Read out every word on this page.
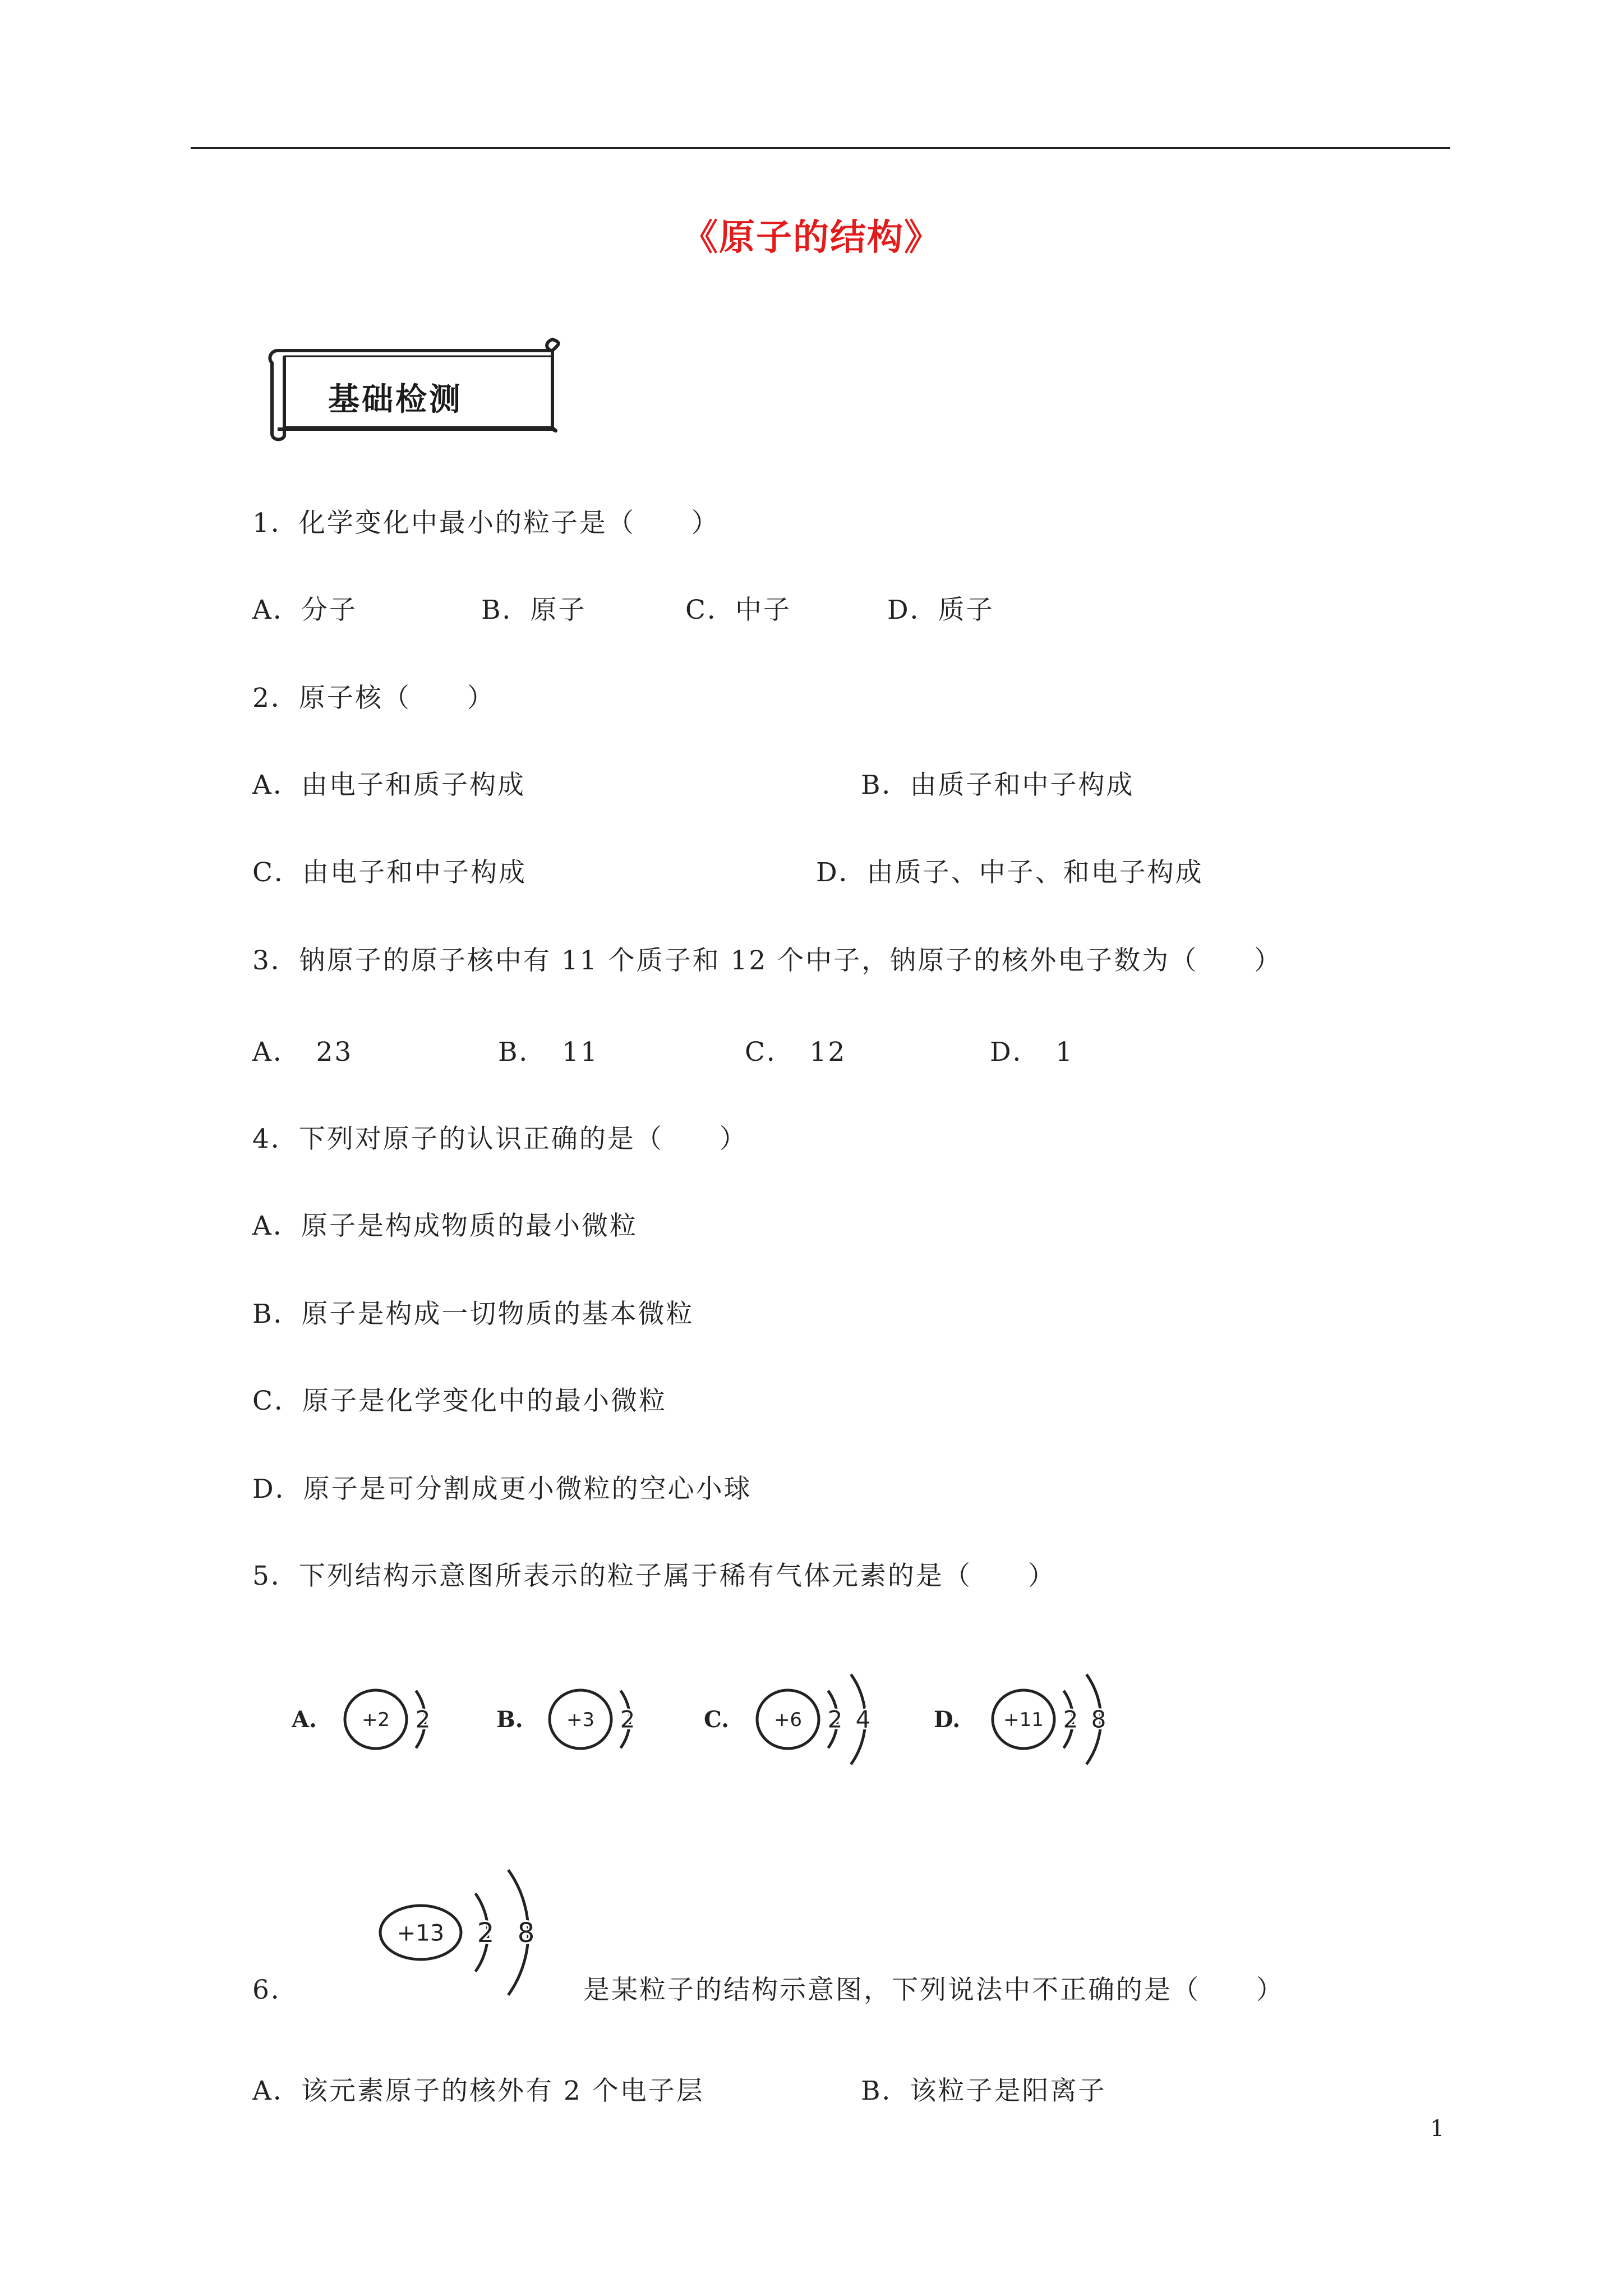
《原子的结构》
基础检测
1．化学变化中最小的粒子是（　　）
A．分子	B．原子	C．中子	D．质子
2．原子核（　　）
A．由电子和质子构成	B．由质子和中子构成
C．由电子和中子构成	D．由质子、中子、和电子构成
3．钠原子的原子核中有 11 个质子和 12 个中子，钠原子的核外电子数为（　　）
A．　23	B．　11	C．　12	D．　1
4．下列对原子的认识正确的是（　　）
A．原子是构成物质的最小微粒
B．原子是构成一切物质的基本微粒
C．原子是化学变化中的最小微粒
D．原子是可分割成更小微粒的空心小球
5．下列结构示意图所表示的粒子属于稀有气体元素的是（　　）
A. +2 2	B. +3 2	C. +6 2 4	D. +11 2 8
6．
+13 2 8
是某粒子的结构示意图，下列说法中不正确的是（　　）
A．该元素原子的核外有 2 个电子层	B．该粒子是阳离子
1
